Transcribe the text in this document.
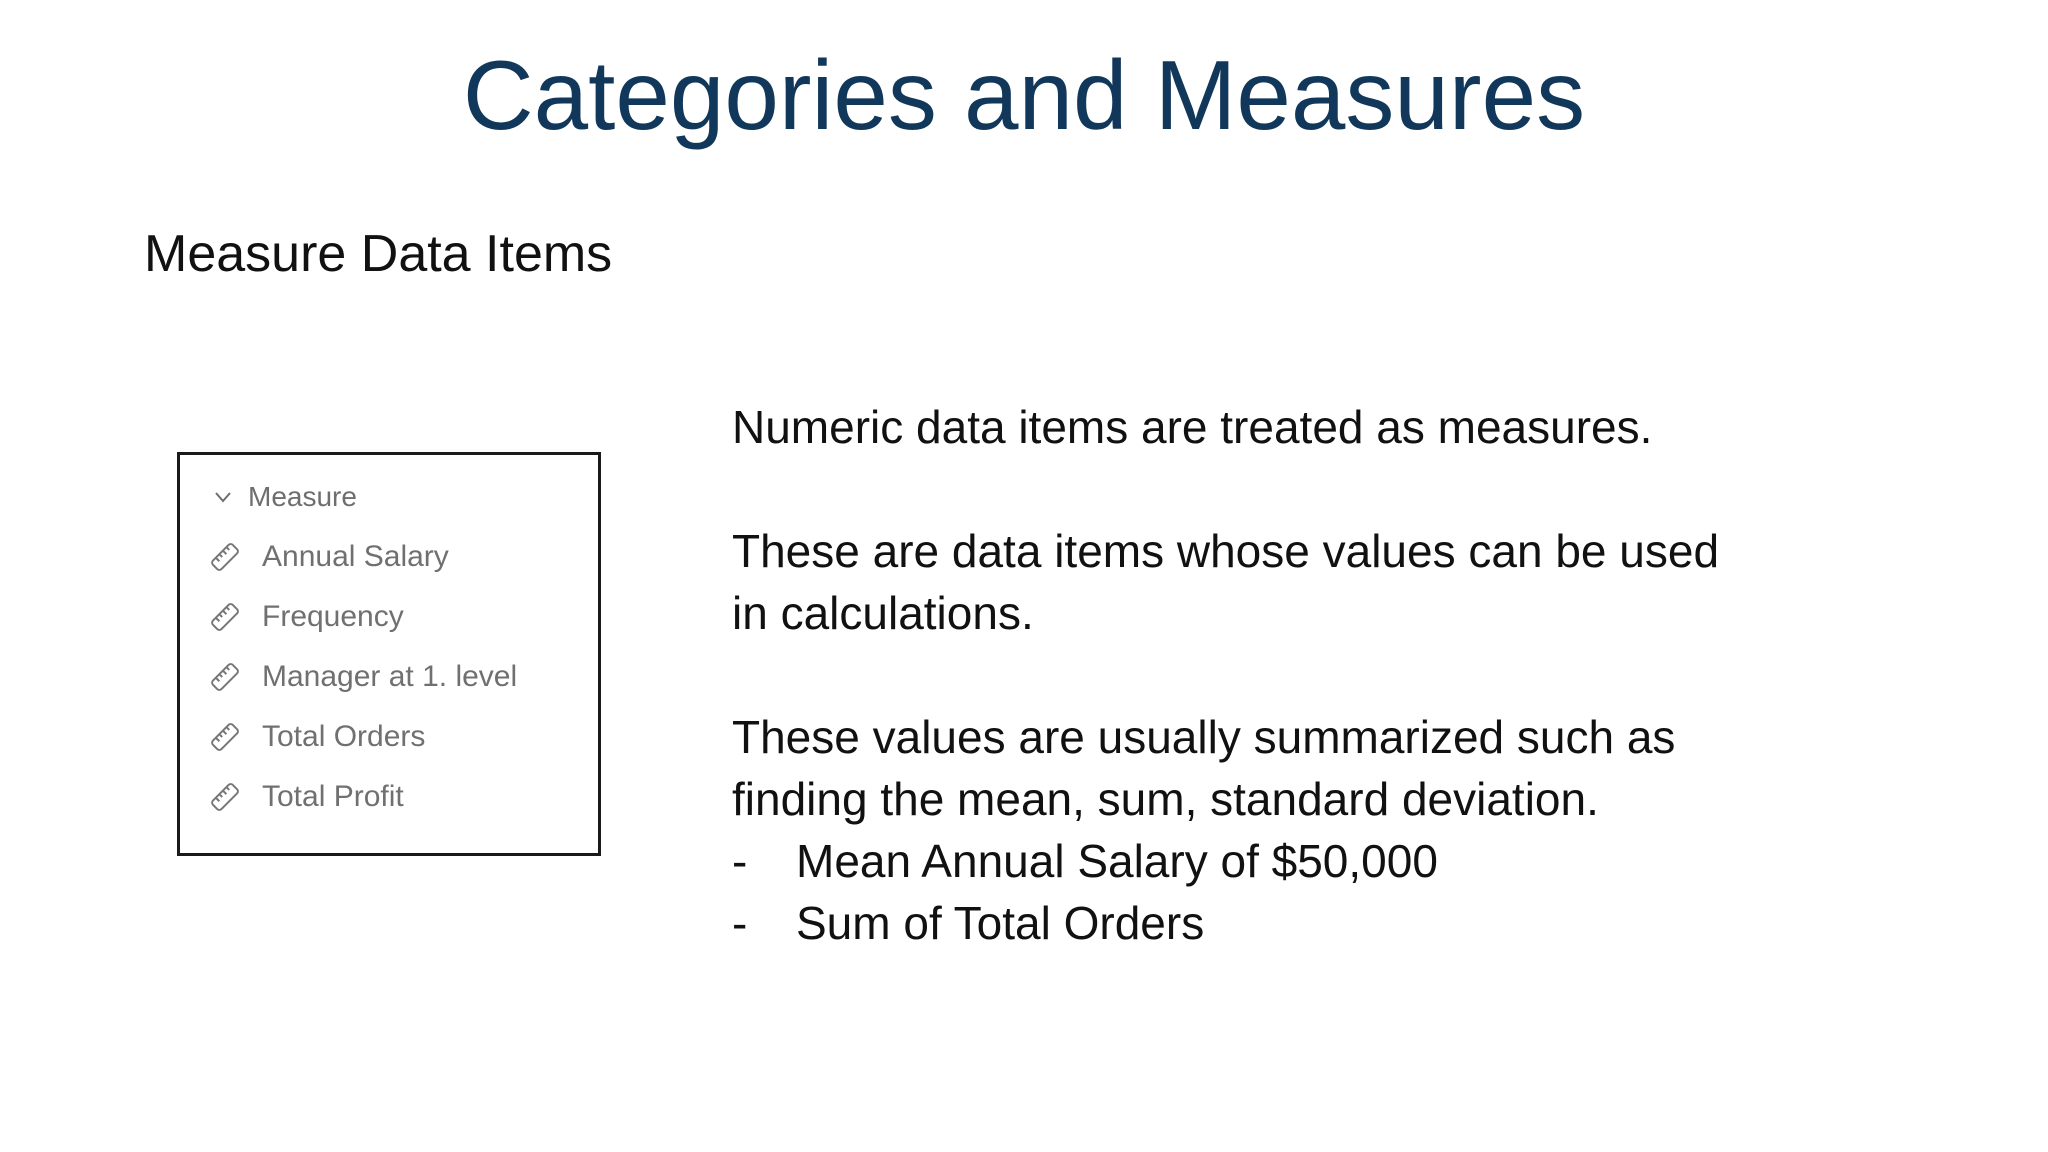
Categories and Measures
Measure Data Items
Measure
Annual Salary
Frequency
Manager at 1. level
Total Orders
Total Profit
Numeric data items are treated as measures.
These are data items whose values can be used
in calculations.
These values are usually summarized such as
finding the mean, sum, standard deviation.
- Mean Annual Salary of $50,000
- Sum of Total Orders
